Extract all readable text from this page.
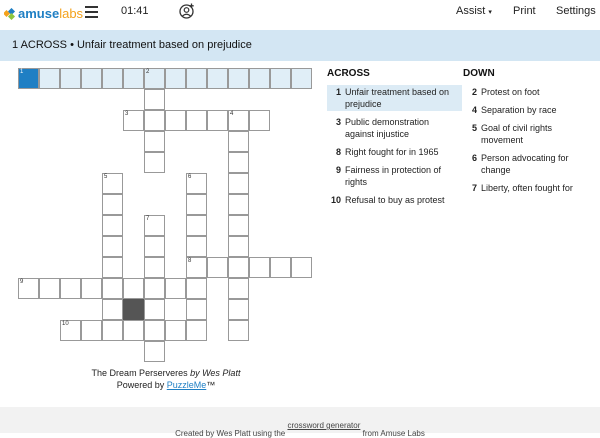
amuse labs	01:41	Assist ▾ Print Settings
1 ACROSS • Unfair treatment based on prejudice
1	2
3	4
5	6
7
8
9
10
ACROSS
1 Unfair treatment based on prejudice
3 Public demonstration against injustice
8 Right fought for in 1965
9 Fairness in protection of rights
10 Refusal to buy as protest
DOWN
2 Protest on foot
4 Separation by race
5 Goal of civil rights movement
6 Person advocating for change
7 Liberty, often fought for
The Dream Perserveres by Wes Platt
Powered by PuzzleMe™
$_{Created by Wes Platt using the crossword generator from Amuse Labs}$
